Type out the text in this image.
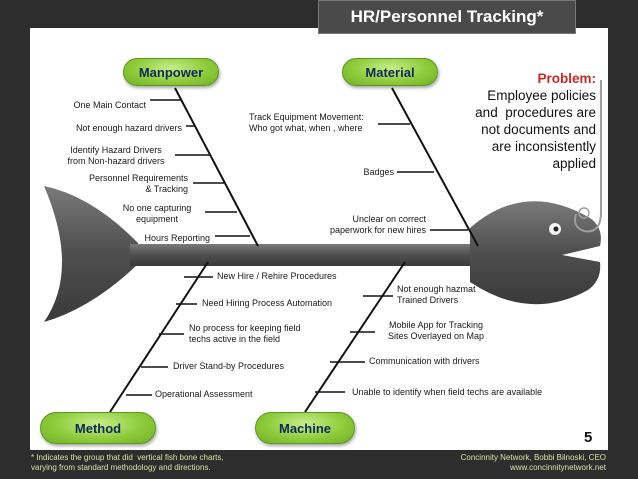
HR/Personnel Tracking*
Manpower	Material
Method	Machine
One Main Contact
Not enough hazard drivers
Identify Hazard Drivers
from Non-hazard drivers
Personnel Requirements
& Tracking
No one capturing
equipment
Hours Reporting
Track Equipment Movement:
Who got what, when , where
Badges
Unclear on correct
paperwork for new hires
New Hire / Rehire Procedures
Need Hiring Process Automation
No process for keeping field
techs active in the field
Driver Stand-by Procedures
Operational Assessment
Not enough hazmat
Trained Drivers
Mobile App for Tracking
Sites Overlayed on Map
Communication with drivers
Unable to identify when field techs are available
Problem:
Employee policies
and  procedures are
not documents and
are inconsistently
applied
5
* Indicates the group that did  vertical fish bone charts,
varying from standard methodology and directions.
Concinnity Network, Bobbi Bilnoski, CEO
www.concinnitynetwork.net
